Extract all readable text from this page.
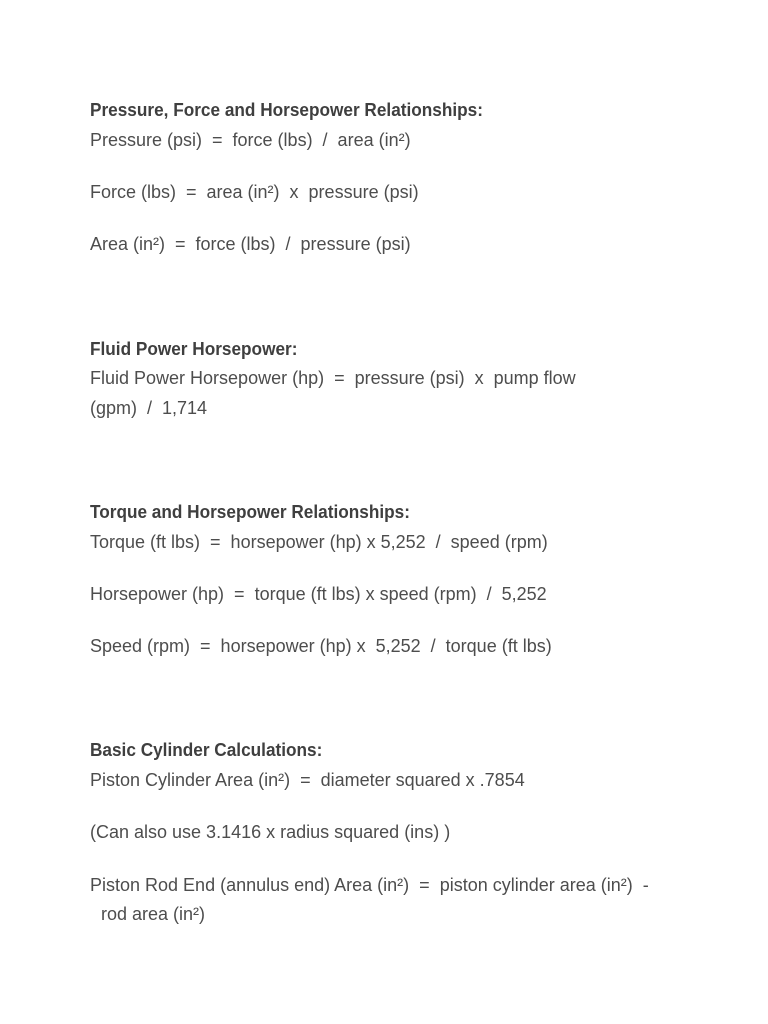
Pressure, Force and Horsepower Relationships:
Pressure (psi)  =  force (lbs)  /  area (in²)
Force (lbs)  =  area (in²)  x  pressure (psi)
Area (in²)  =  force (lbs)  /  pressure (psi)
Fluid Power Horsepower:
Fluid Power Horsepower (hp)  =  pressure (psi)  x  pump flow
(gpm)  /  1,714
Torque and Horsepower Relationships:
Torque (ft lbs)  =  horsepower (hp) x 5,252  /  speed (rpm)
Horsepower (hp)  =  torque (ft lbs) x speed (rpm)  /  5,252
Speed (rpm)  =  horsepower (hp) x  5,252  /  torque (ft lbs)
Basic Cylinder Calculations:
Piston Cylinder Area (in²)  =  diameter squared x .7854
(Can also use 3.1416 x radius squared (ins) )
Piston Rod End (annulus end) Area (in²)  =  piston cylinder area (in²)  -
rod area (in²)
